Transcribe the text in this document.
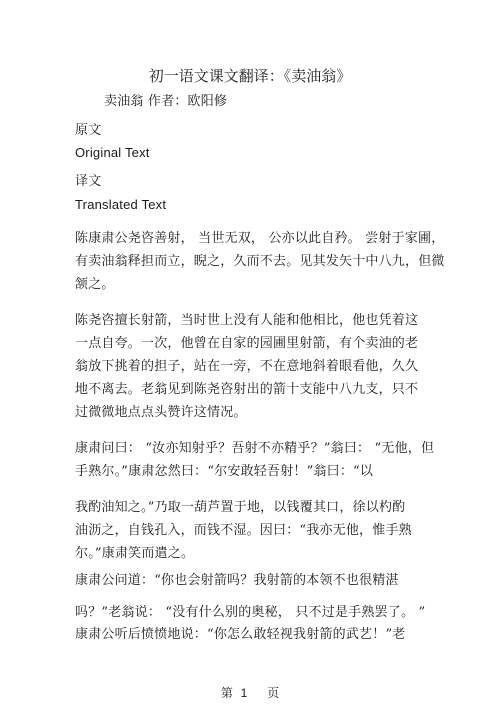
初一语文课文翻译：《卖油翁》
卖油翁 作者：欧阳修
原文
Original Text
译文
Translated Text
陈康肃公尧咨善射， 当世无双， 公亦以此自矜。 尝射于家圃，
有卖油翁释担而立，睨之，久而不去。见其发矢十中八九，但微
颔之。
陈尧咨擅长射箭，当时世上没有人能和他相比，他也凭着这
一点自夸。一次，他曾在自家的园圃里射箭，有个卖油的老
翁放下挑着的担子，站在一旁，不在意地斜着眼看他，久久
地不离去。老翁见到陈尧咨射出的箭十支能中八九支，只不
过微微地点点头赞许这情况。
康肃问曰： “汝亦知射乎？吾射不亦精乎？”翁曰： “无他，但
手熟尔。”康肃忿然曰：“尔安敢轻吾射！”翁曰：“以
我酌油知之。”乃取一葫芦置于地，以钱覆其口，徐以杓酌
油沥之，自钱孔入，而钱不湿。因曰：“我亦无他，惟手熟
尔。”康肃笑而遣之。
康肃公问道：“你也会射箭吗？我射箭的本领不也很精湛
吗？”老翁说： “没有什么别的奥秘， 只不过是手熟罢了。 ”
康肃公听后愤愤地说：“你怎么敢轻视我射箭的武艺！”老
第 1 页
